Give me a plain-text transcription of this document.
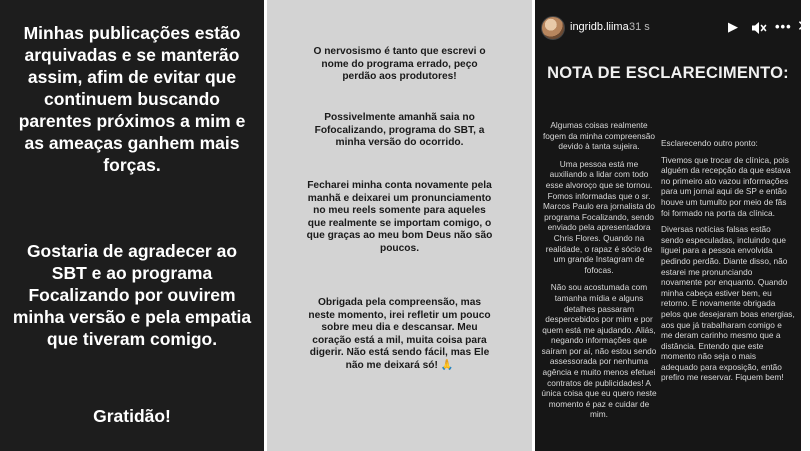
Minhas publicações estão arquivadas e se manterão assim, afim de evitar que continuem buscando parentes próximos a mim e as ameaças ganhem mais forças.
Gostaria de agradecer ao SBT e ao programa Focalizando por ouvirem minha versão e pela empatia que tiveram comigo.
Gratidão!
O nervosismo é tanto que escrevi o nome do programa errado, peço perdão aos produtores!
Possivelmente amanhã saia no Fofocalizando, programa do SBT, a minha versão do ocorrido.
Fecharei minha conta novamente pela manhã e deixarei um pronunciamento no meu reels somente para aqueles que realmente se importam comigo, o que graças ao meu bom Deus não são poucos.
Obrigada pela compreensão, mas neste momento, irei refletir um pouco sobre meu dia e descansar. Meu coração está a mil, muita coisa para digerir. Não está sendo fácil, mas Ele não me deixará só! 🙏
ingridb.liima 31 s	▶	••• ✕
NOTA DE ESCLARECIMENTO:

Algumas coisas realmente fogem da minha compreensão devido à tanta sujeira.

Uma pessoa está me auxiliando a lidar com todo esse alvoroço que se tornou. Fomos informadas que o sr. Marcos Paulo era jornalista do programa Focalizando, sendo enviado pela apresentadora Chris Flores. Quando na realidade, o rapaz é sócio de um grande Instagram de fofocas.

Não sou acostumada com tamanha mídia e alguns detalhes passaram despercebidos por mim e por quem está me ajudando. Aliás, negando informações que saíram por aí, não estou sendo assessorada por nenhuma agência e muito menos efetuei contratos de publicidades! A única coisa que eu quero neste momento é paz e cuidar de mim.

Esclarecendo outro ponto:

Tivemos que trocar de clínica, pois alguém da recepção da que estava no primeiro ato vazou informações para um jornal aqui de SP e então houve um tumulto por meio de fãs foi formado na porta da clínica.

Diversas notícias falsas estão sendo especuladas, incluindo que liguei para a pessoa envolvida pedindo perdão. Diante disso, não estarei me pronunciando novamente por enquanto. Quando minha cabeça estiver bem, eu retorno. E novamente obrigada pelos que desejaram boas energias, aos que já trabalharam comigo e me deram carinho mesmo que a distância. Entendo que este momento não seja o mais adequado para exposição, então prefiro me reservar. Fiquem bem!
